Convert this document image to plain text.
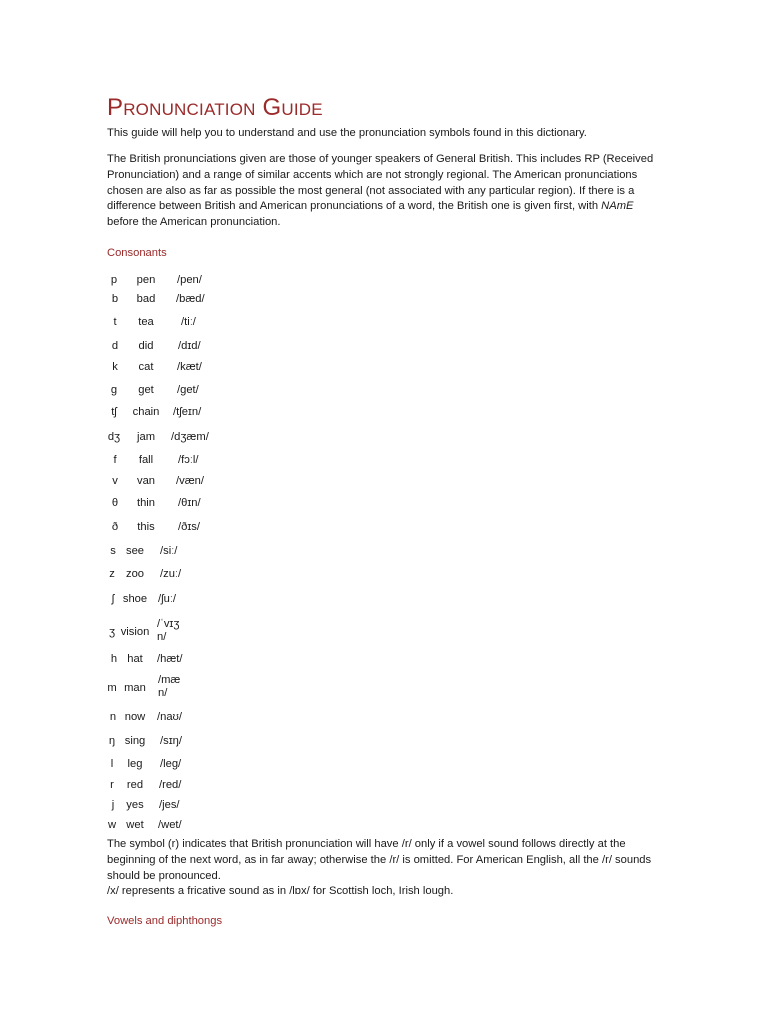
Pronunciation Guide

This guide will help you to understand and use the pronunciation symbols found in this dictionary.

The British pronunciations given are those of younger speakers of General British. This includes RP (Received Pronunciation) and a range of similar accents which are not strongly regional. The American pronunciations chosen are also as far as possible the most general (not associated with any particular region). If there is a difference between British and American pronunciations of a word, the British one is given first, with NAmE before the American pronunciation.

Consonants
p pen /pen/
b bad /bæd/
t tea /tiː/
d did /dɪd/
k cat /kæt/
ɡ get /ɡet/
tʃ chain /tʃeɪn/
dʒ jam /dʒæm/
f fall /fɔːl/
v van /væn/
θ thin /θɪn/
ð this /ðɪs/
s see /siː/
z zoo /zuː/
ʃ shoe /ʃuː/
ʒ vision
/ˈvɪʒn/
h hat /hæt/
m man
/mæn/
n now /naʊ/
ŋ sing /sɪŋ/
l leg /leɡ/
r red /red/
j yes /jes/
w wet /wet/

The symbol (r) indicates that British pronunciation will have /r/ only if a vowel sound follows directly at the beginning of the next word, as in far away; otherwise the /r/ is omitted. For American English, all the /r/ sounds should be pronounced.

/x/ represents a fricative sound as in /lɒx/ for Scottish loch, Irish lough.

Vowels and diphthongs
